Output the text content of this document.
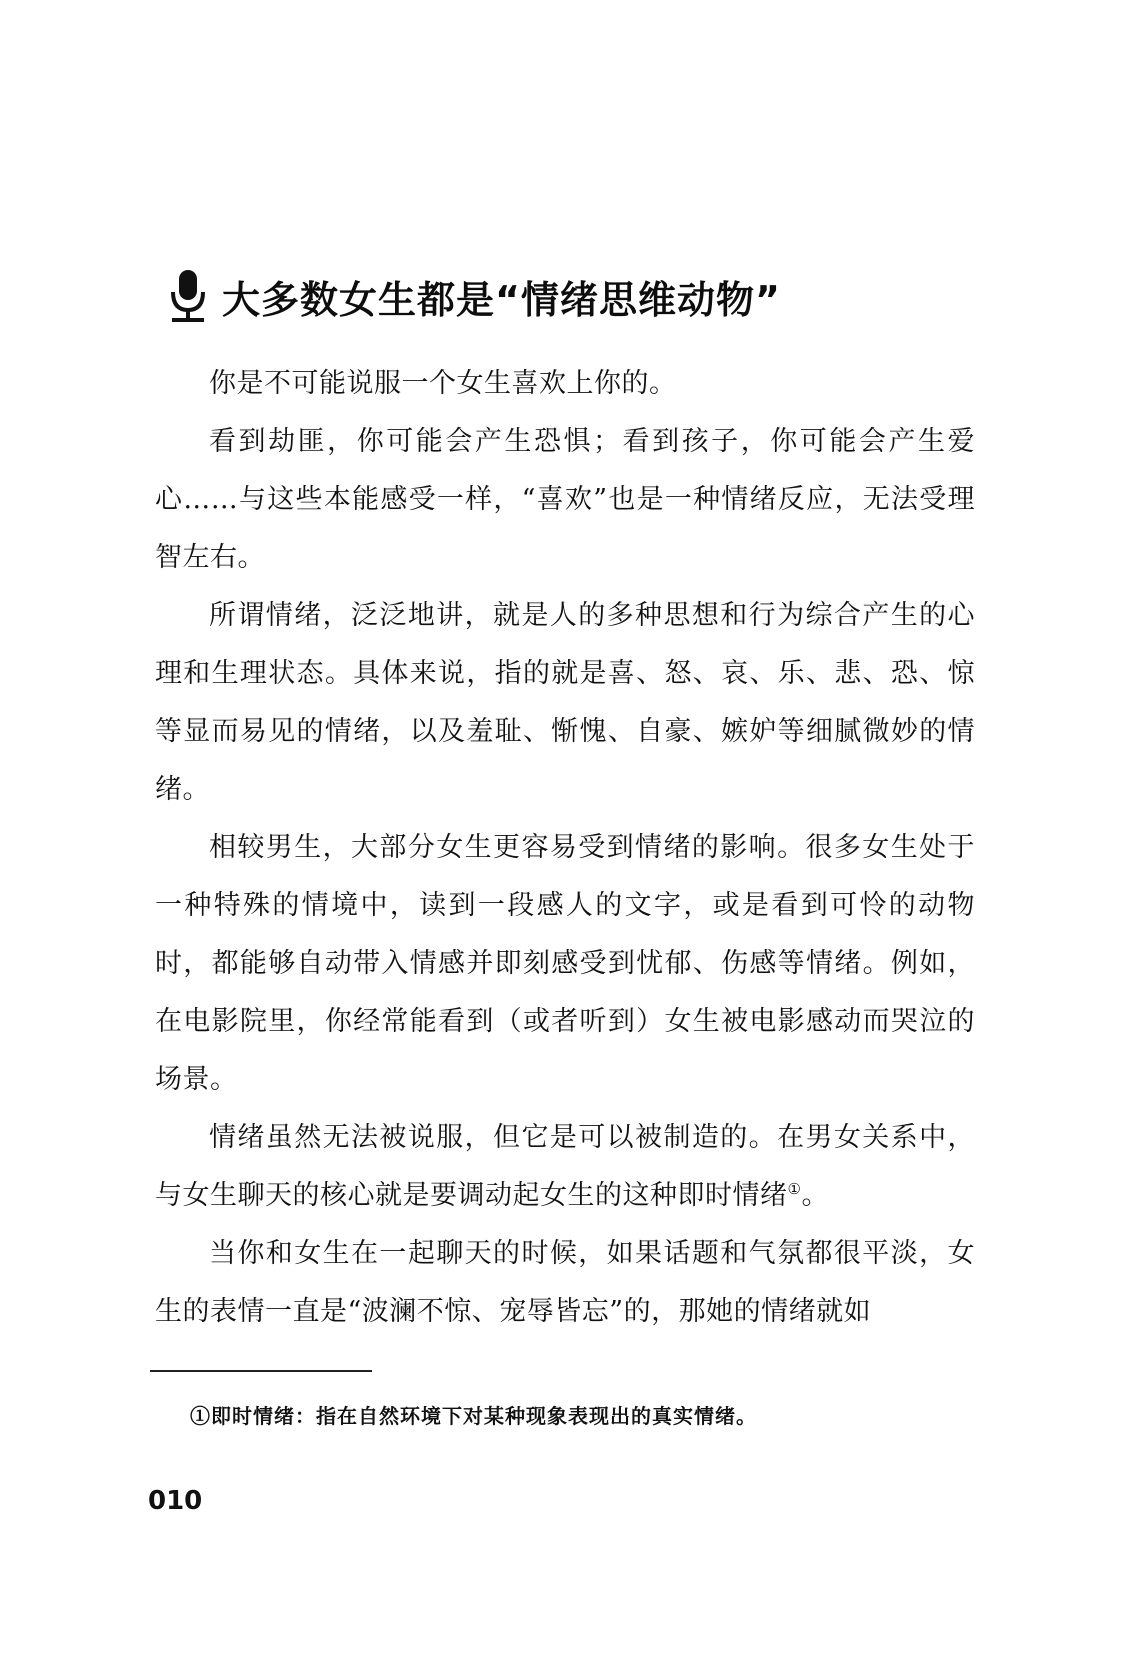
大多数女生都是“情绪思维动物”

你是不可能说服一个女生喜欢上你的。

看到劫匪，你可能会产生恐惧；看到孩子，你可能会产生爱心……与这些本能感受一样，“喜欢”也是一种情绪反应，无法受理智左右。

所谓情绪，泛泛地讲，就是人的多种思想和行为综合产生的心理和生理状态。具体来说，指的就是喜、怒、哀、乐、悲、恐、惊等显而易见的情绪，以及羞耻、惭愧、自豪、嫉妒等细腻微妙的情绪。

相较男生，大部分女生更容易受到情绪的影响。很多女生处于一种特殊的情境中，读到一段感人的文字，或是看到可怜的动物时，都能够自动带入情感并即刻感受到忧郁、伤感等情绪。例如，在电影院里，你经常能看到（或者听到）女生被电影感动而哭泣的场景。

情绪虽然无法被说服，但它是可以被制造的。在男女关系中，与女生聊天的核心就是要调动起女生的这种即时情绪①。

当你和女生在一起聊天的时候，如果话题和气氛都很平淡，女生的表情一直是“波澜不惊、宠辱皆忘”的，那她的情绪就如

①即时情绪：指在自然环境下对某种现象表现出的真实情绪。
010
